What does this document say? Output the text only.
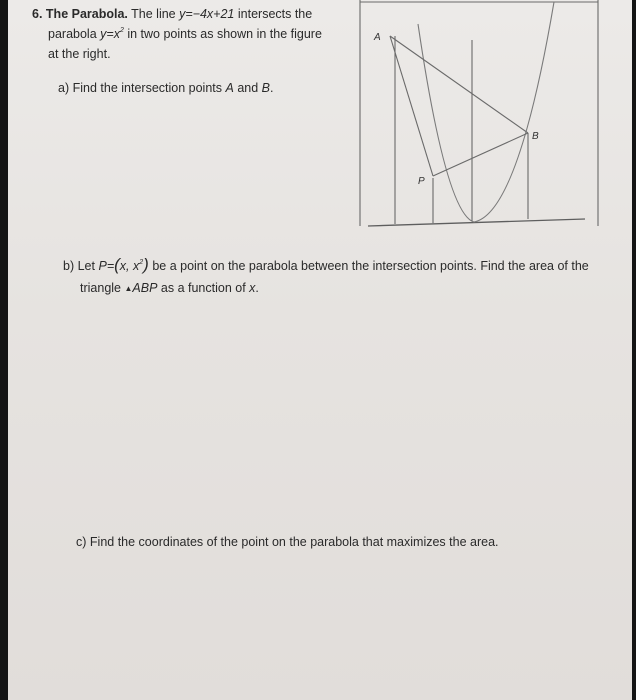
6. The Parabola. The line y=−4x+21 intersects the
parabola $y=x^2$ in two points as shown in the figure
at the right.
a) Find the intersection points A and B.
b) Let P=(x, $x^2$) be a point on the parabola between the intersection points. Find the area of the
triangle ▲ABP as a function of x.
c) Find the coordinates of the point on the parabola that maximizes the area.
A
B
P
